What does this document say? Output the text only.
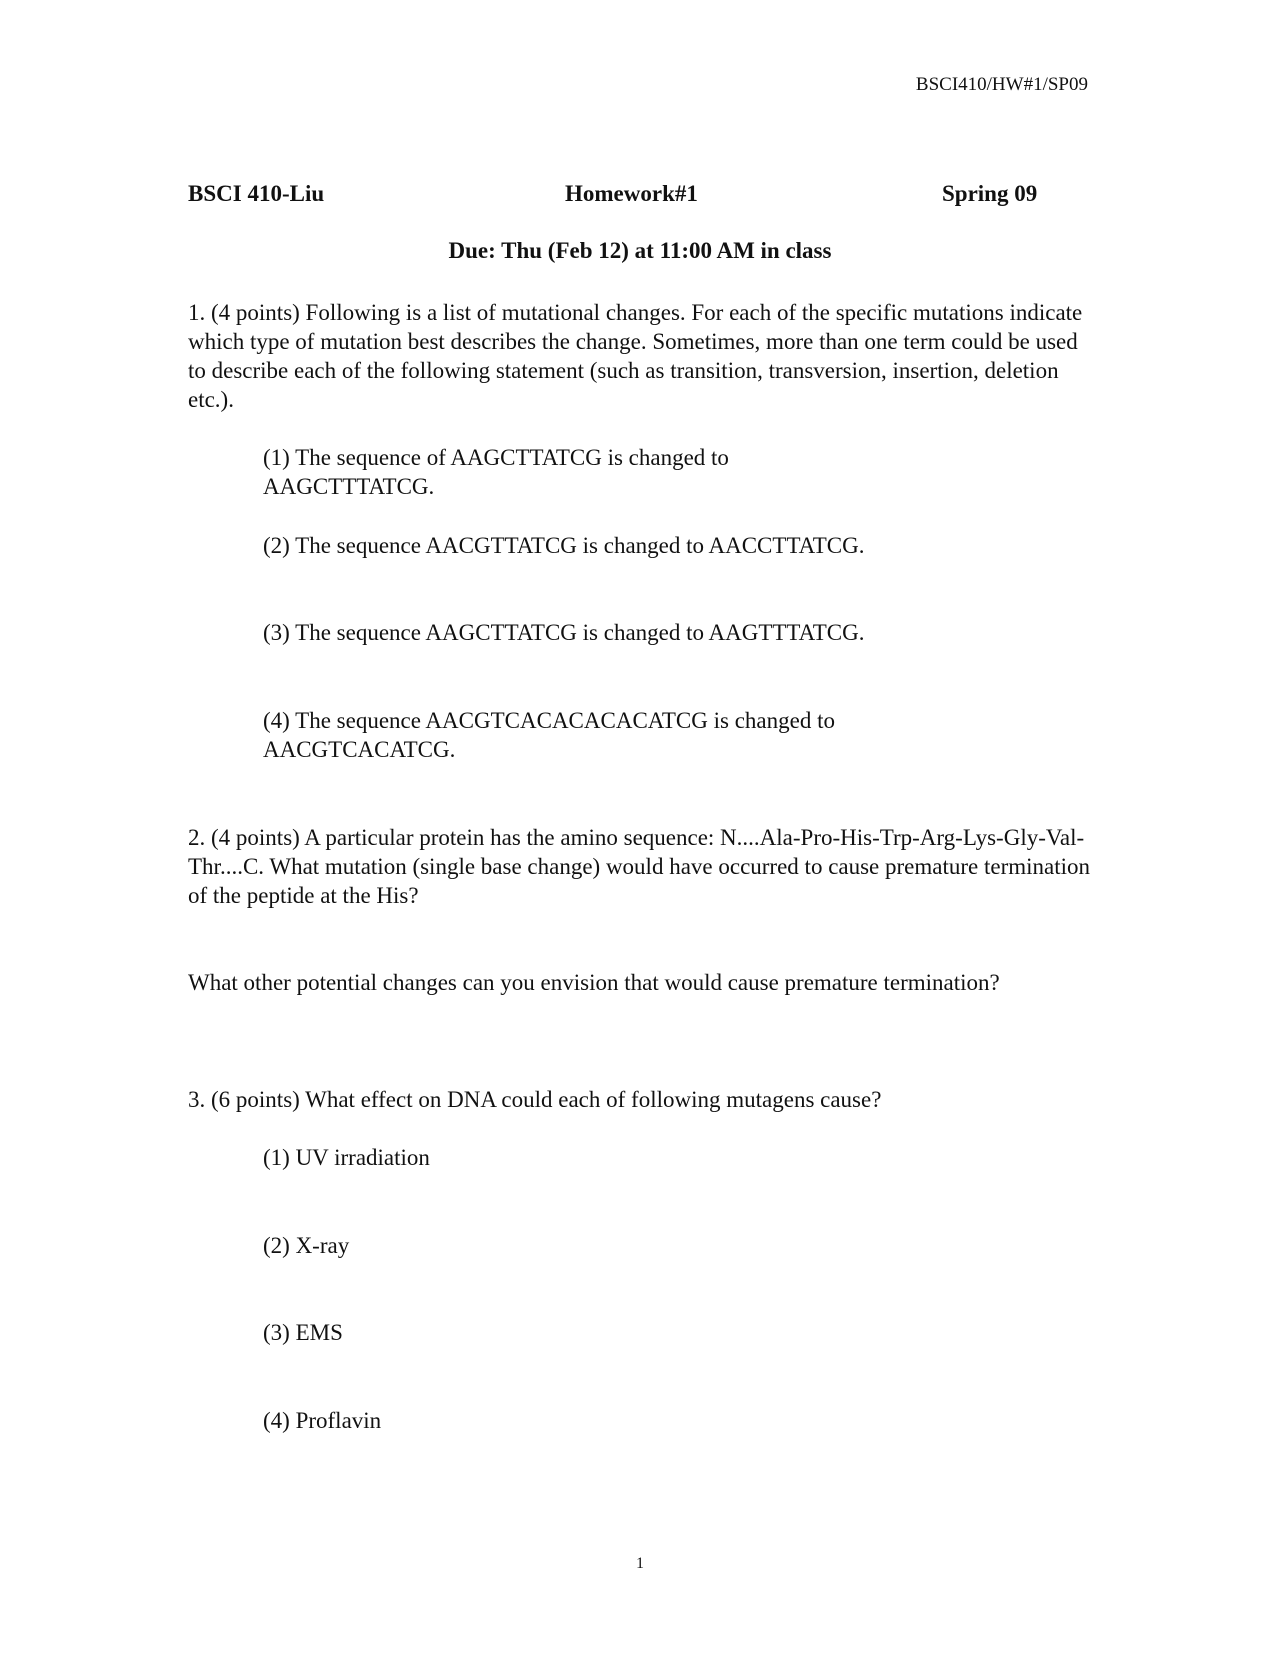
BSCI410/HW#1/SP09
BSCI 410-Liu	Homework#1	Spring 09
Due: Thu (Feb 12) at 11:00 AM in class
1. (4 points) Following is a list of mutational changes. For each of the specific mutations indicate which type of mutation best describes the change. Sometimes, more than one term could be used to describe each of the following statement (such as transition, transversion, insertion, deletion etc.).
(1) The sequence of AAGCTTATCG is changed to AAGCTTTATCG.
(2) The sequence AACGTTATCG is changed to AACCTTATCG.
(3) The sequence AAGCTTATCG is changed to AAGTTTATCG.
(4) The sequence AACGTCACACACACATCG is changed to AACGTCACATCG.
2. (4 points) A particular protein has the amino sequence: N....Ala-Pro-His-Trp-Arg-Lys-Gly-Val-Thr....C. What mutation (single base change) would have occurred to cause premature termination of the peptide at the His?
What other potential changes can you envision that would cause premature termination?
3. (6 points) What effect on DNA could each of following mutagens cause?
(1) UV irradiation
(2) X-ray
(3) EMS
(4) Proflavin
1
